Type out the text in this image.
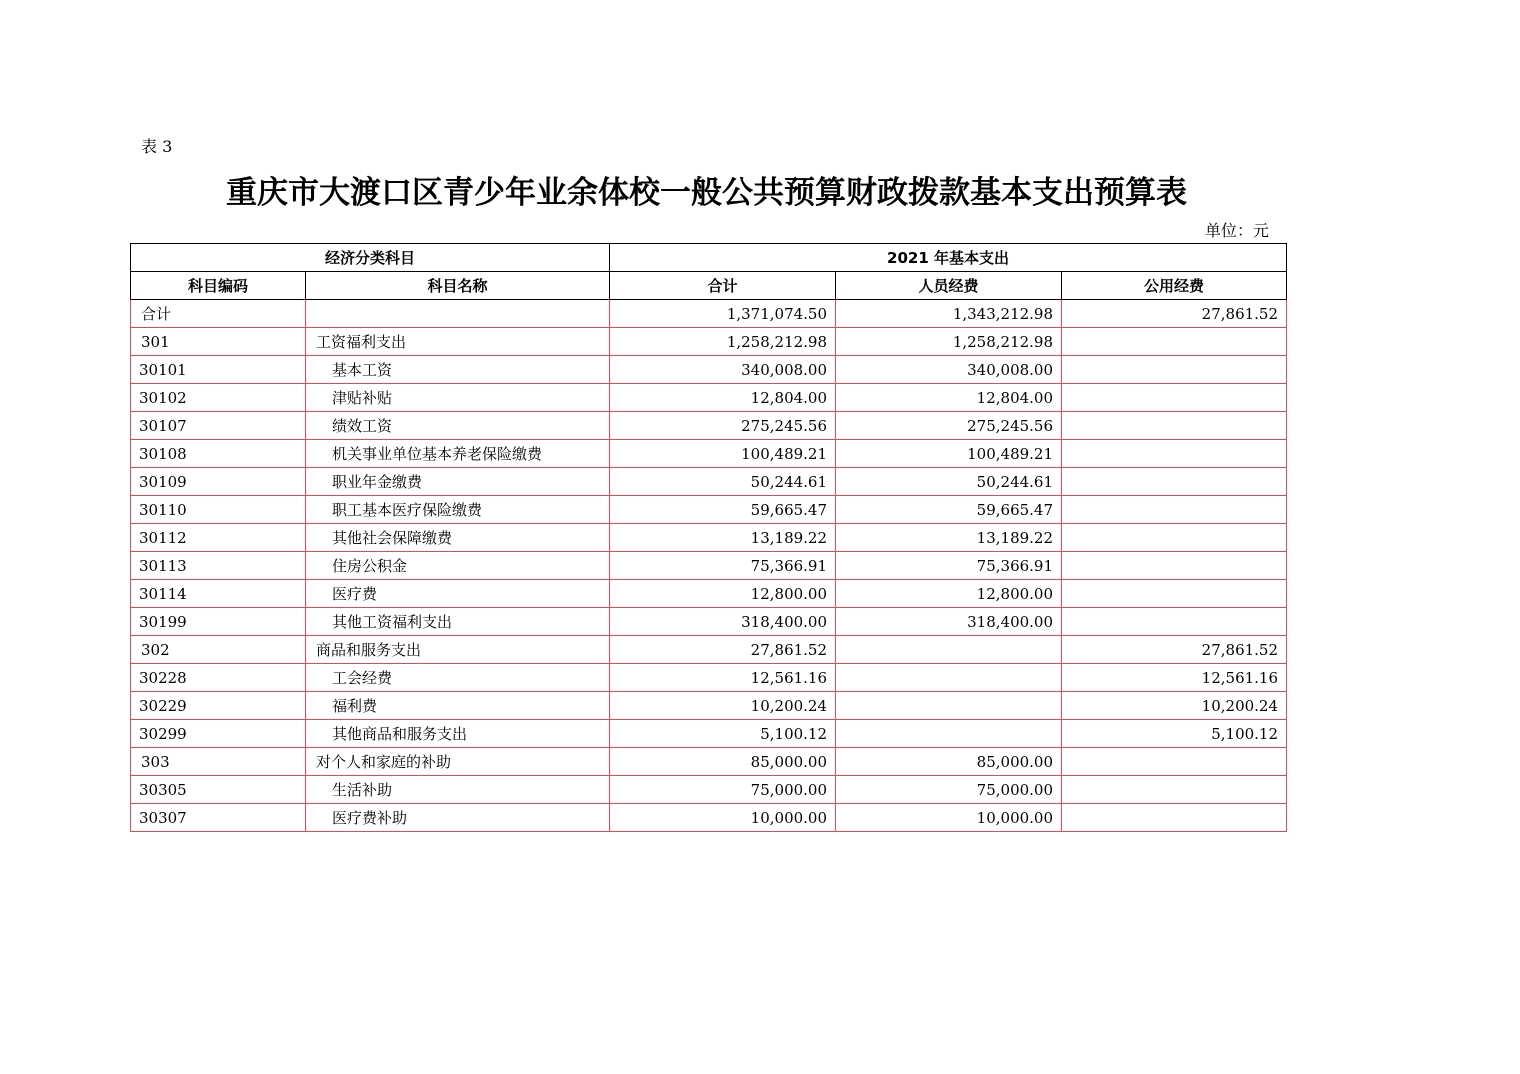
表 3
重庆市大渡口区青少年业余体校一般公共预算财政拨款基本支出预算表
单位：元
经济分类科目		2021 年基本支出		
科目编码	科目名称	合计	人员经费	公用经费
合计		1,371,074.50	1,343,212.98	27,861.52
301	工资福利支出	1,258,212.98	1,258,212.98	
30101	基本工资	340,008.00	340,008.00	
30102	津贴补贴	12,804.00	12,804.00	
30107	绩效工资	275,245.56	275,245.56	
30108	机关事业单位基本养老保险缴费	100,489.21	100,489.21	
30109	职业年金缴费	50,244.61	50,244.61	
30110	职工基本医疗保险缴费	59,665.47	59,665.47	
30112	其他社会保障缴费	13,189.22	13,189.22	
30113	住房公积金	75,366.91	75,366.91	
30114	医疗费	12,800.00	12,800.00	
30199	其他工资福利支出	318,400.00	318,400.00	
302	商品和服务支出	27,861.52		27,861.52
30228	工会经费	12,561.16		12,561.16
30229	福利费	10,200.24		10,200.24
30299	其他商品和服务支出	5,100.12		5,100.12
303	对个人和家庭的补助	85,000.00	85,000.00	
30305	生活补助	75,000.00	75,000.00	
30307	医疗费补助	10,000.00	10,000.00	
